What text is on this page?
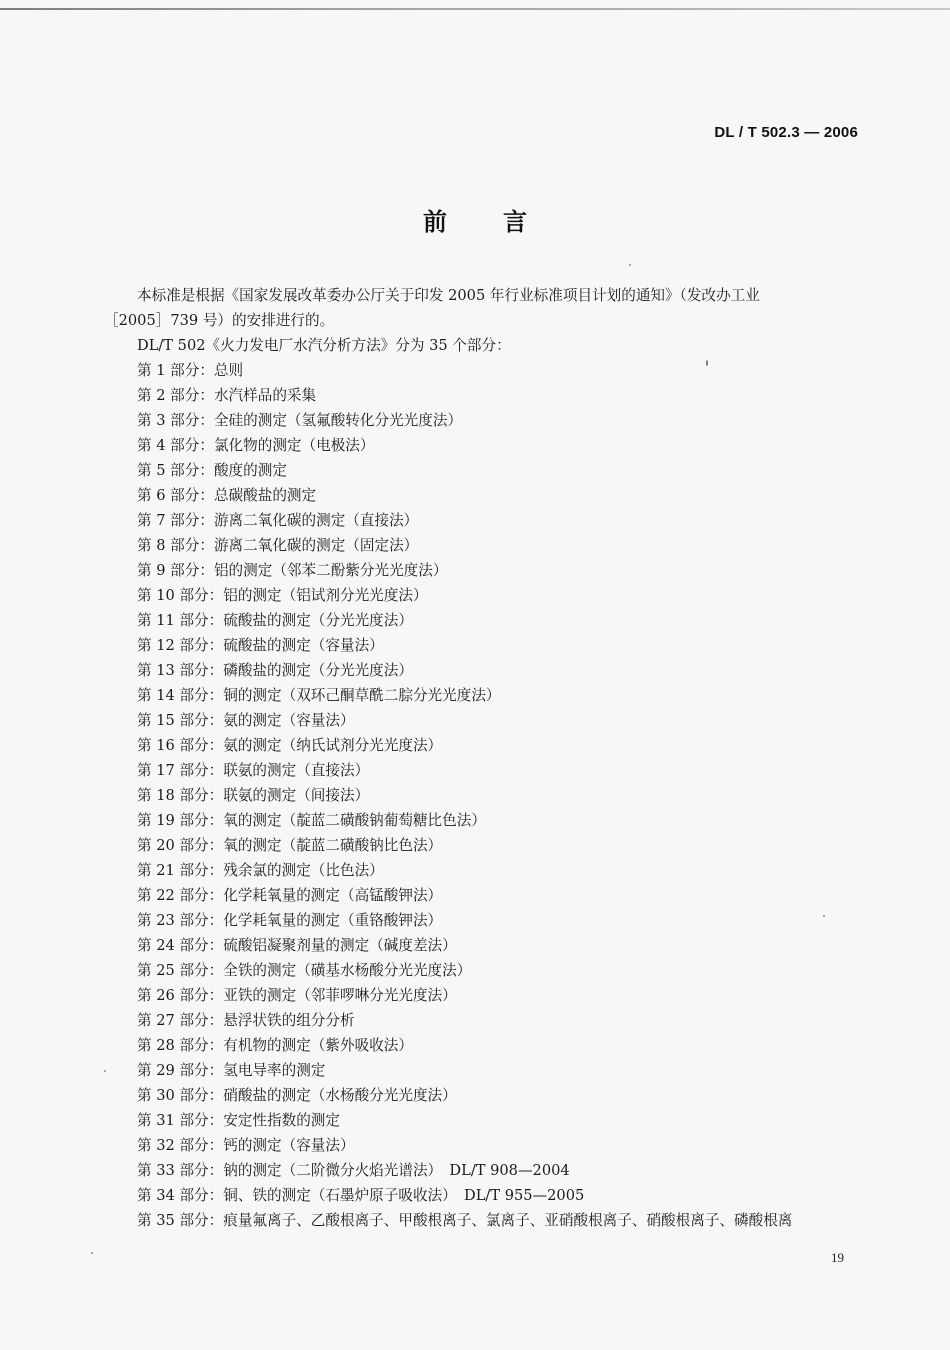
DL / T 502.3 — 2006
前 言

本标准是根据《国家发展改革委办公厅关于印发 2005 年行业标准项目计划的通知》（发改办工业

［2005］739 号）的安排进行的。

DL/T 502《火力发电厂水汽分析方法》分为 35 个部分：

第 1 部分：总则
第 2 部分：水汽样品的采集
第 3 部分：全硅的测定（氢氟酸转化分光光度法）
第 4 部分：氯化物的测定（电极法）
第 5 部分：酸度的测定
第 6 部分：总碳酸盐的测定
第 7 部分：游离二氧化碳的测定（直接法）
第 8 部分：游离二氧化碳的测定（固定法）
第 9 部分：铝的测定（邻苯二酚紫分光光度法）
第 10 部分：铝的测定（铝试剂分光光度法）
第 11 部分：硫酸盐的测定（分光光度法）
第 12 部分：硫酸盐的测定（容量法）
第 13 部分：磷酸盐的测定（分光光度法）
第 14 部分：铜的测定（双环己酮草酰二腙分光光度法）
第 15 部分：氨的测定（容量法）
第 16 部分：氨的测定（纳氏试剂分光光度法）
第 17 部分：联氨的测定（直接法）
第 18 部分：联氨的测定（间接法）
第 19 部分：氧的测定（靛蓝二磺酸钠葡萄糖比色法）
第 20 部分：氧的测定（靛蓝二磺酸钠比色法）
第 21 部分：残余氯的测定（比色法）
第 22 部分：化学耗氧量的测定（高锰酸钾法）
第 23 部分：化学耗氧量的测定（重铬酸钾法）
第 24 部分：硫酸铝凝聚剂量的测定（碱度差法）
第 25 部分：全铁的测定（磺基水杨酸分光光度法）
第 26 部分：亚铁的测定（邻菲啰啉分光光度法）
第 27 部分：悬浮状铁的组分分析
第 28 部分：有机物的测定（紫外吸收法）
第 29 部分：氢电导率的测定
第 30 部分：硝酸盐的测定（水杨酸分光光度法）
第 31 部分：安定性指数的测定
第 32 部分：钙的测定（容量法）
第 33 部分：钠的测定（二阶微分火焰光谱法）　DL/T 908—2004
第 34 部分：铜、铁的测定（石墨炉原子吸收法）　DL/T 955—2005
第 35 部分：痕量氟离子、乙酸根离子、甲酸根离子、氯离子、亚硝酸根离子、硝酸根离子、磷酸根离
19
